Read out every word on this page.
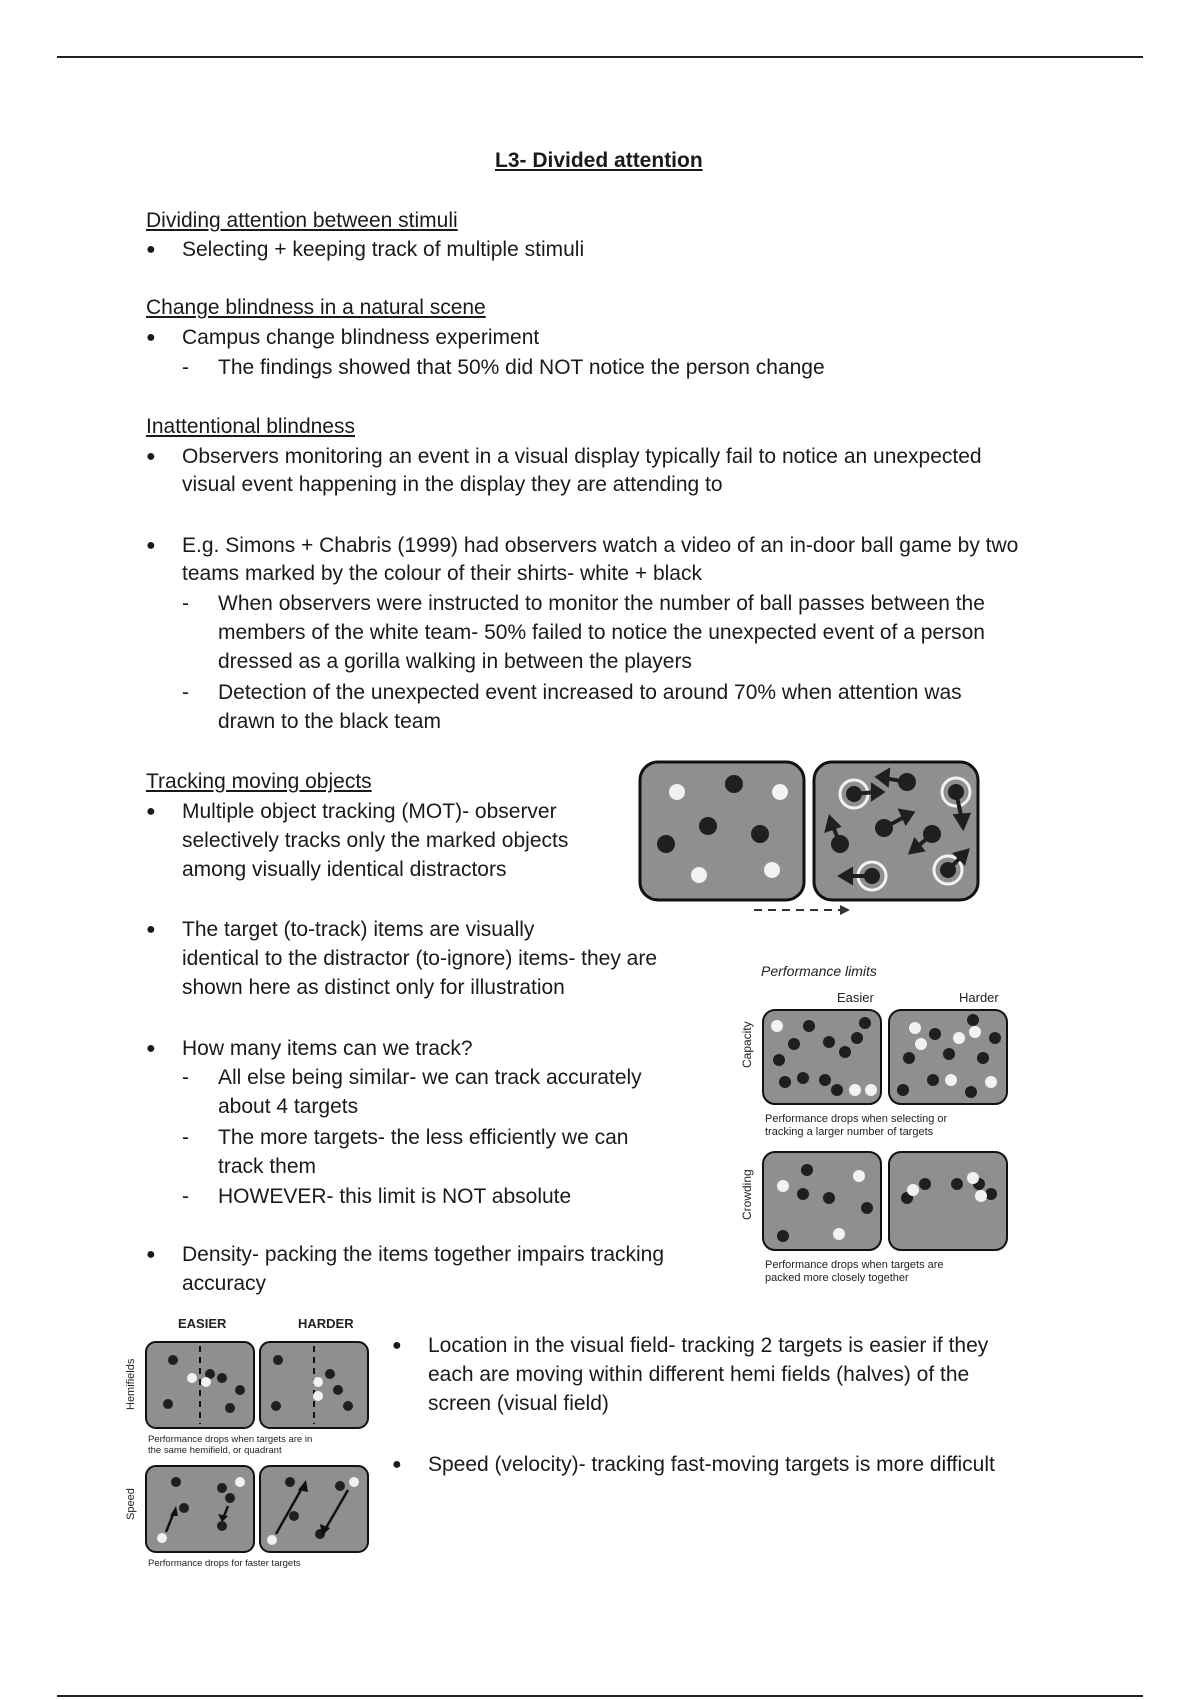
L3- Divided attention
Dividing attention between stimuli
● Selecting + keeping track of multiple stimuli
Change blindness in a natural scene
● Campus change blindness experiment
- The findings showed that 50% did NOT notice the person change
Inattentional blindness
● Observers monitoring an event in a visual display typically fail to notice an unexpected
visual event happening in the display they are attending to
● E.g. Simons + Chabris (1999) had observers watch a video of an in-door ball game by two
teams marked by the colour of their shirts- white + black
- When observers were instructed to monitor the number of ball passes between the
members of the white team- 50% failed to notice the unexpected event of a person
dressed as a gorilla walking in between the players
- Detection of the unexpected event increased to around 70% when attention was
drawn to the black team
Tracking moving objects
● Multiple object tracking (MOT)- observer
selectively tracks only the marked objects
among visually identical distractors
● The target (to-track) items are visually
identical to the distractor (to-ignore) items- they are
shown here as distinct only for illustration
● How many items can we track?
- All else being similar- we can track accurately
about 4 targets
- The more targets- the less efficiently we can
track them
- HOWEVER- this limit is NOT absolute
● Density- packing the items together impairs tracking
accuracy
● Location in the visual field- tracking 2 targets is easier if they
each are moving within different hemi fields (halves) of the
screen (visual field)
● Speed (velocity)- tracking fast-moving targets is more difficult
Performance limits
Easier	Harder
Capacity
Performance drops when selecting or
tracking a larger number of targets
Crowding
Performance drops when targets are
packed more closely together
EASIER	HARDER
Hemifields
Performance drops when targets are in
the same hemifield, or quadrant
Speed
Performance drops for faster targets
